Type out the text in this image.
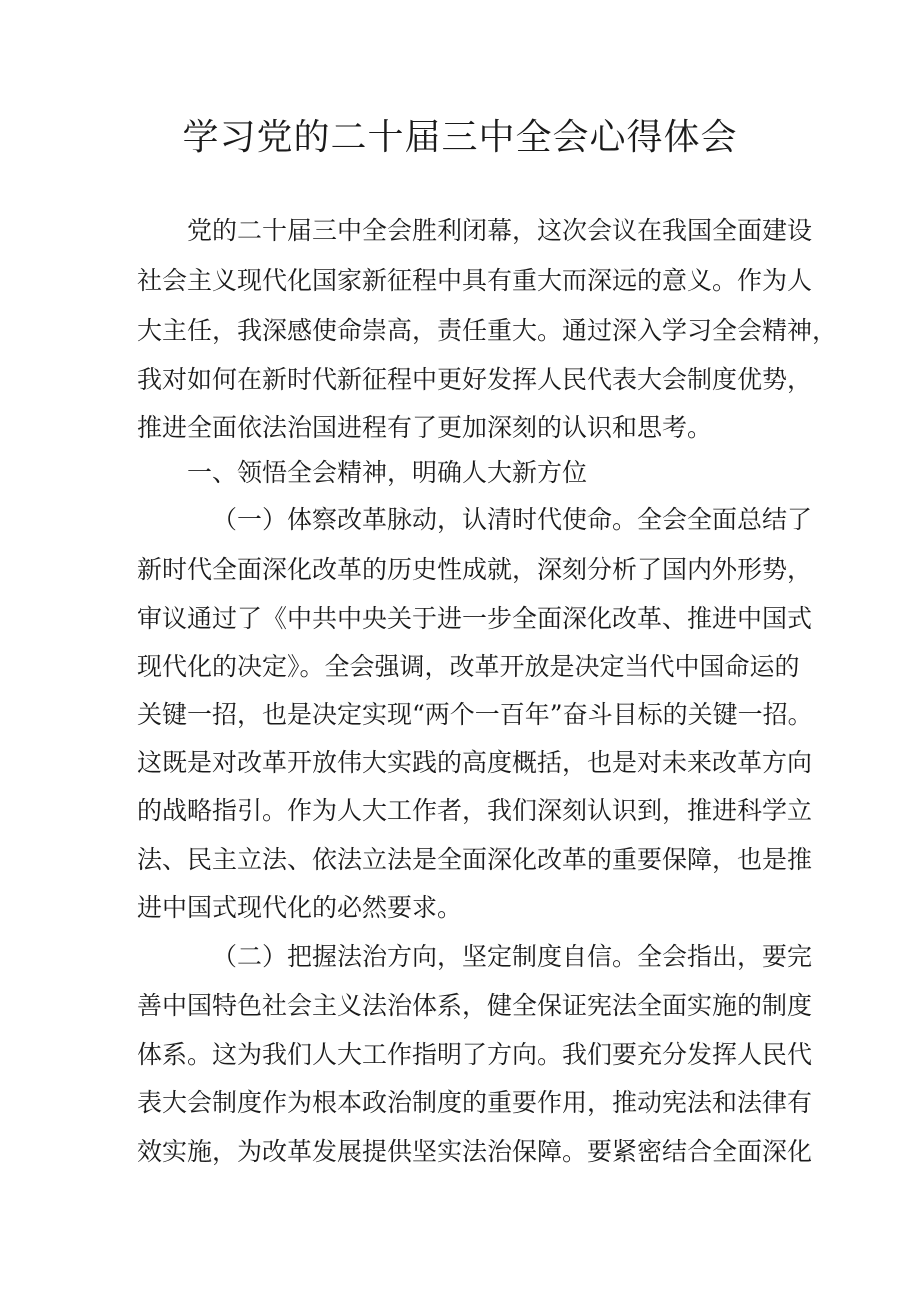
学习党的二十届三中全会心得体会

党的二十届三中全会胜利闭幕，这次会议在我国全面建设

社会主义现代化国家新征程中具有重大而深远的意义。作为人

大主任，我深感使命崇高，责任重大。通过深入学习全会精神，

我对如何在新时代新征程中更好发挥人民代表大会制度优势，

推进全面依法治国进程有了更加深刻的认识和思考。

一、领悟全会精神，明确人大新方位

（一）体察改革脉动，认清时代使命。全会全面总结了

新时代全面深化改革的历史性成就，深刻分析了国内外形势，

审议通过了《中共中央关于进一步全面深化改革、推进中国式

现代化的决定》。全会强调，改革开放是决定当代中国命运的

关键一招，也是决定实现“两个一百年”奋斗目标的关键一招。

这既是对改革开放伟大实践的高度概括，也是对未来改革方向

的战略指引。作为人大工作者，我们深刻认识到，推进科学立

法、民主立法、依法立法是全面深化改革的重要保障，也是推

进中国式现代化的必然要求。

（二）把握法治方向，坚定制度自信。全会指出，要完

善中国特色社会主义法治体系，健全保证宪法全面实施的制度

体系。这为我们人大工作指明了方向。我们要充分发挥人民代

表大会制度作为根本政治制度的重要作用，推动宪法和法律有

效实施，为改革发展提供坚实法治保障。要紧密结合全面深化
